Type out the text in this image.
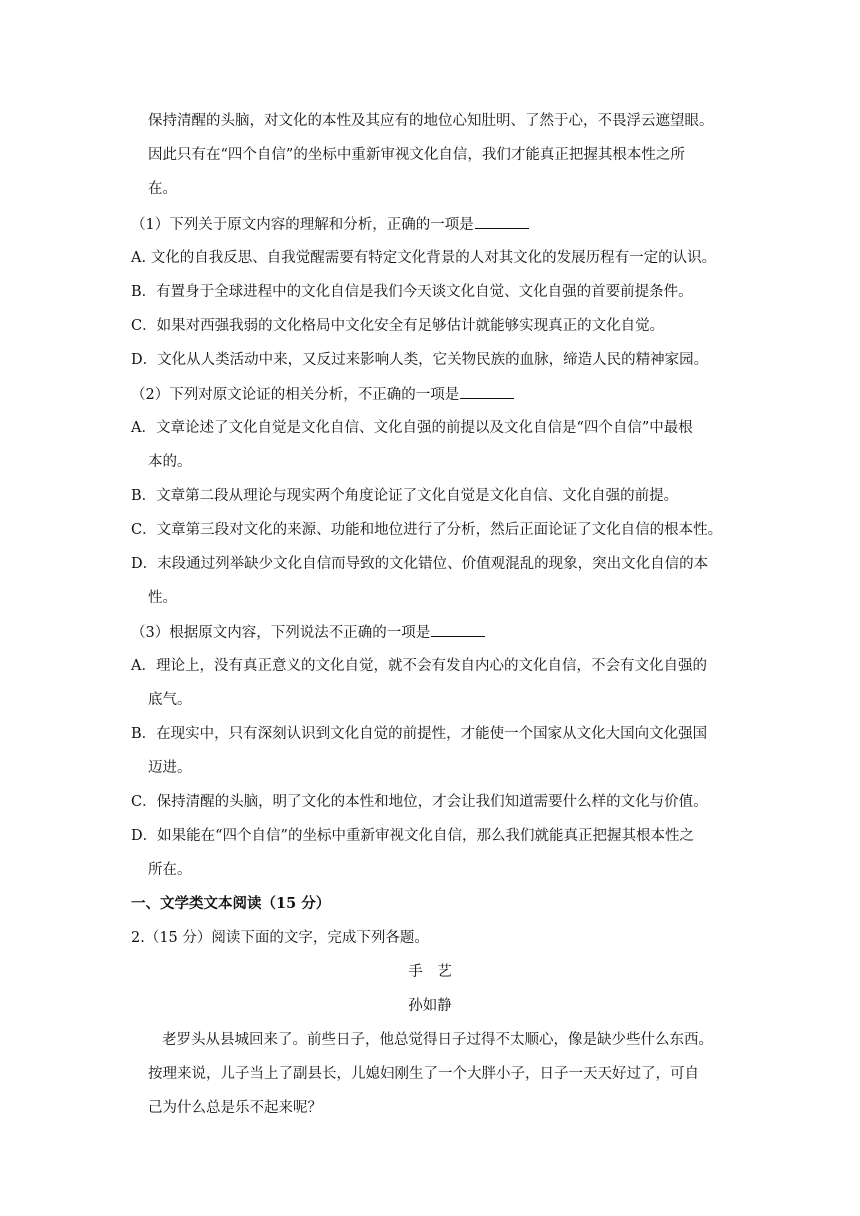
保持清醒的头脑，对文化的本性及其应有的地位心知肚明、了然于心，不畏浮云遮望眼。
因此只有在“四个自信”的坐标中重新审视文化自信，我们才能真正把握其根本性之所
在。
（1）下列关于原文内容的理解和分析，正确的一项是
A. 文化的自我反思、自我觉醒需要有特定文化背景的人对其文化的发展历程有一定的认识。
B．有置身于全球进程中的文化自信是我们今天谈文化自觉、文化自强的首要前提条件。
C．如果对西强我弱的文化格局中文化安全有足够估计就能够实现真正的文化自觉。
D．文化从人类活动中来，又反过来影响人类，它关物民族的血脉，缔造人民的精神家园。
（2）下列对原文论证的相关分析，不正确的一项是
A．文章论述了文化自觉是文化自信、文化自强的前提以及文化自信是“四个自信”中最根
本的。
B．文章第二段从理论与现实两个角度论证了文化自觉是文化自信、文化自强的前提。
C．文章第三段对文化的来源、功能和地位进行了分析，然后正面论证了文化自信的根本性。
D．末段通过列举缺少文化自信而导致的文化错位、价值观混乱的现象，突出文化自信的本
性。
（3）根据原文内容，下列说法不正确的一项是
A．理论上，没有真正意义的文化自觉，就不会有发自内心的文化自信，不会有文化自强的
底气。
B．在现实中，只有深刻认识到文化自觉的前提性，才能使一个国家从文化大国向文化强国
迈进。
C．保持清醒的头脑，明了文化的本性和地位，才会让我们知道需要什么样的文化与价值。
D．如果能在“四个自信”的坐标中重新审视文化自信，那么我们就能真正把握其根本性之
所在。
一、文学类文本阅读（15 分）
2.（15 分）阅读下面的文字，完成下列各题。
手　艺
孙如静
老罗头从县城回来了。前些日子，他总觉得日子过得不太顺心，像是缺少些什么东西。
按理来说，儿子当上了副县长，儿媳妇刚生了一个大胖小子，日子一天天好过了，可自
己为什么总是乐不起来呢？
